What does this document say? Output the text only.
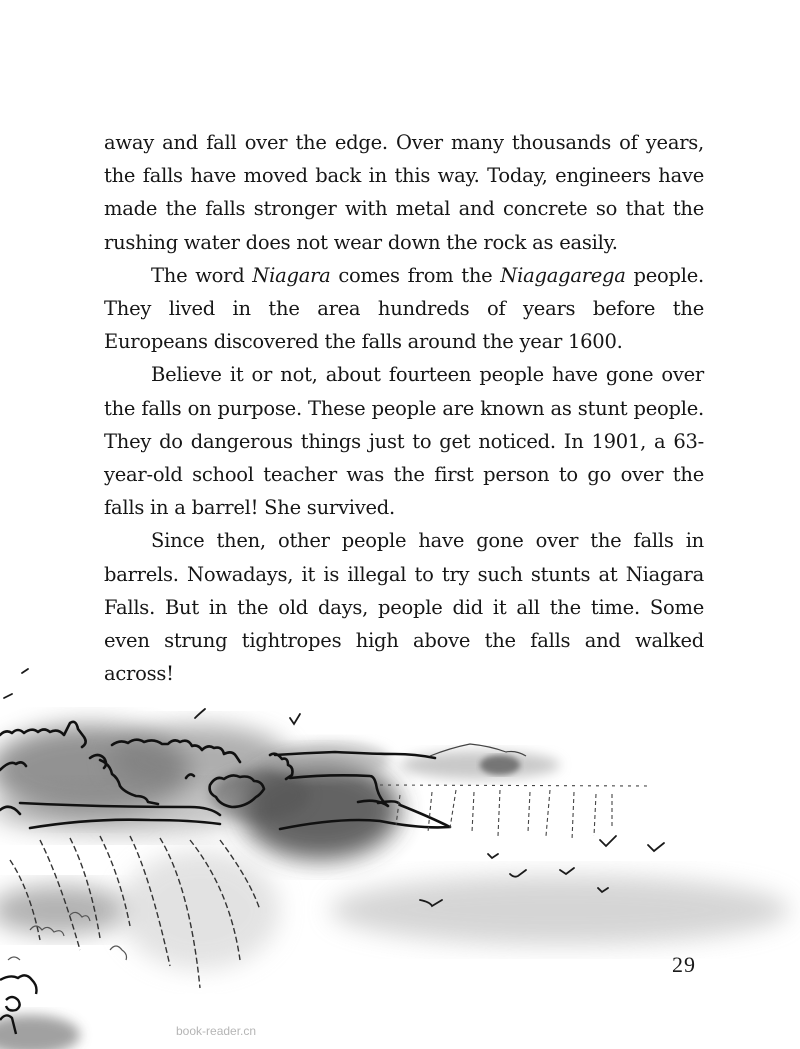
away and fall over the edge. Over many thousands of years, the falls have moved back in this way. Today, engineers have made the falls stronger with metal and concrete so that the rushing water does not wear down the rock as easily.

The word Niagara comes from the Niagagarega people. They lived in the area hundreds of years before the Europeans discovered the falls around the year 1600.

Believe it or not, about fourteen people have gone over the falls on purpose. These people are known as stunt people. They do dangerous things just to get noticed. In 1901, a 63-year-old school teacher was the first person to go over the falls in a barrel! She survived.

Since then, other people have gone over the falls in barrels. Nowadays, it is illegal to try such stunts at Niagara Falls. But in the old days, people did it all the time. Some even strung tightropes high above the falls and walked across!

29
book-reader.cn
